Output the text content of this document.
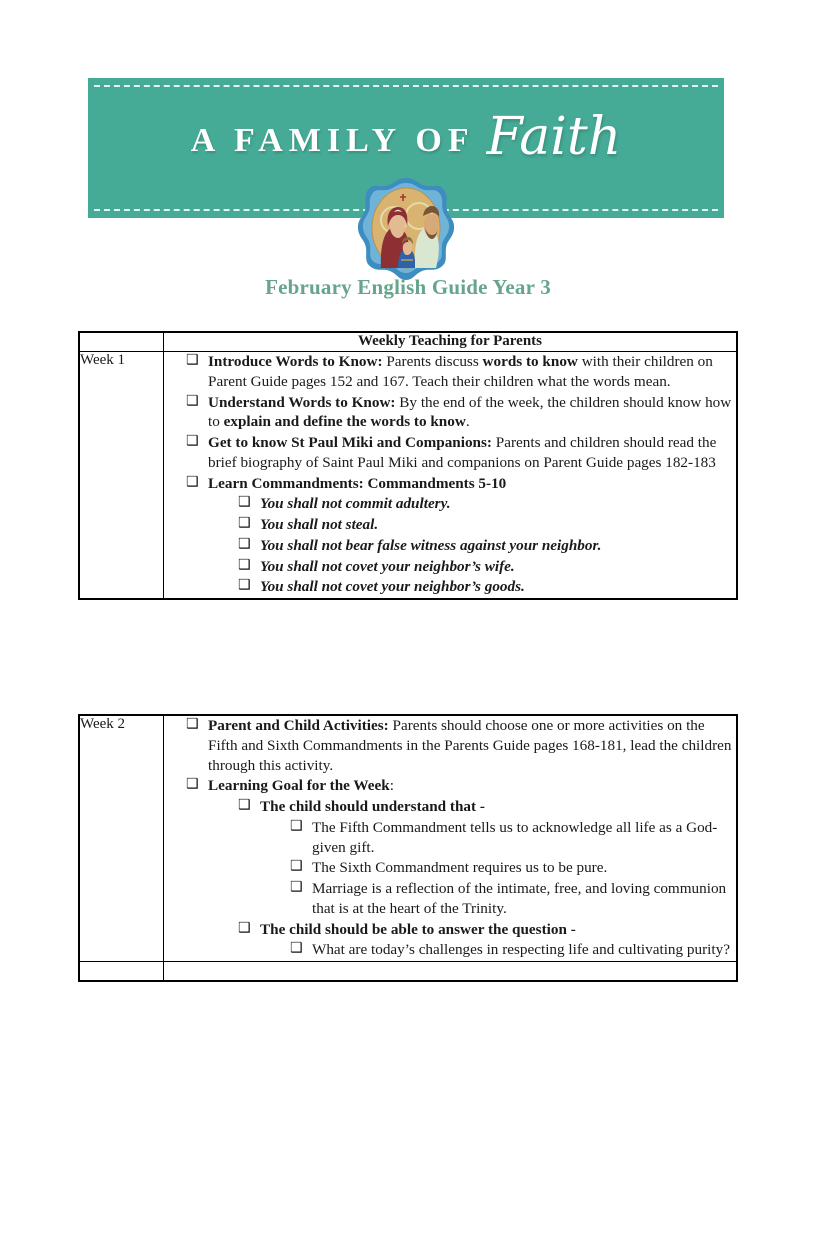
A FAMILY OF Faith
February English Guide Year 3
	Weekly Teaching for Parents
Week 1	
❑Introduce Words to Know: Parents discuss words to know with their children on Parent Guide pages 152 and 167. Teach their children what the words mean.
❑ Understand Words to Know: By the end of the week, the children should know how to explain and define the words to know.
❑ Get to know St Paul Miki and Companions: Parents and children should read the brief biography of Saint Paul Miki and companions on Parent Guide pages 182-183
❑ Learn Commandments: Commandments 5-10
❑ You shall not commit adultery.
❑ You shall not steal.
❑ You shall not bear false witness against your neighbor.
❑ You shall not covet your neighbor’s wife.
❑ You shall not covet your neighbor’s goods.
Week 2	
❑Parent and Child Activities: Parents should choose one or more activities on the Fifth and Sixth Commandments in the Parents Guide pages 168-181, lead the children through this activity.
❑ Learning Goal for the Week:
❑ The child should understand that -
❑ The Fifth Commandment tells us to acknowledge all life as a God-given gift.
❑ The Sixth Commandment requires us to be pure.
❑ Marriage is a reflection of the intimate, free, and loving communion that is at the heart of the Trinity.
❑ The child should be able to answer the question -
❑ What are today’s challenges in respecting life and cultivating purity?
